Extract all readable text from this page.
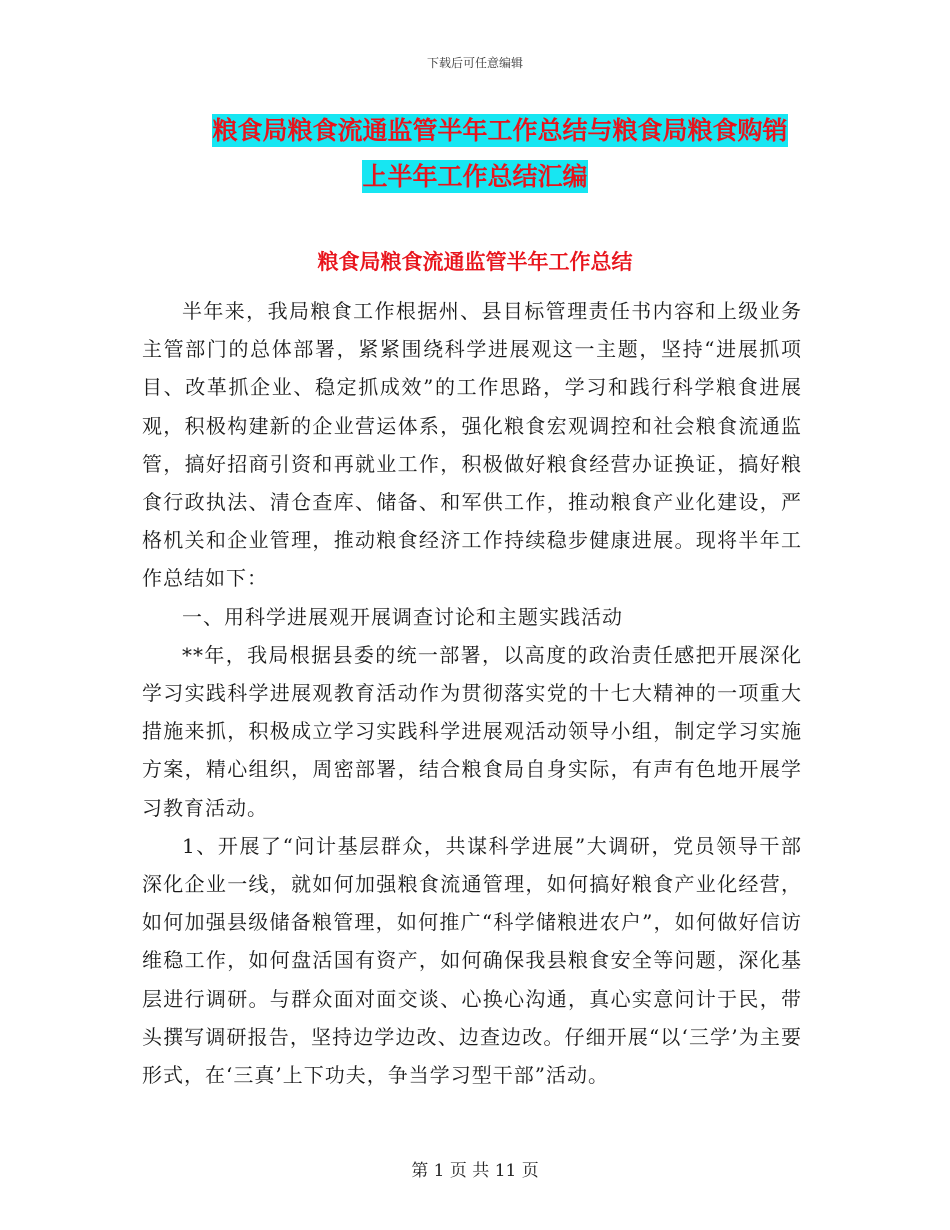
下载后可任意编辑
粮食局粮食流通监管半年工作总结与粮食局粮食购销
上半年工作总结汇编
粮食局粮食流通监管半年工作总结

半年来，我局粮食工作根据州、县目标管理责任书内容和上级业务主管部门的总体部署，紧紧围绕科学进展观这一主题，坚持“进展抓项目、改革抓企业、稳定抓成效”的工作思路，学习和践行科学粮食进展观，积极构建新的企业营运体系，强化粮食宏观调控和社会粮食流通监管，搞好招商引资和再就业工作，积极做好粮食经营办证换证，搞好粮食行政执法、清仓查库、储备、和军供工作，推动粮食产业化建设，严格机关和企业管理，推动粮食经济工作持续稳步健康进展。现将半年工作总结如下：

一、用科学进展观开展调查讨论和主题实践活动

**年，我局根据县委的统一部署，以高度的政治责任感把开展深化学习实践科学进展观教育活动作为贯彻落实党的十七大精神的一项重大措施来抓，积极成立学习实践科学进展观活动领导小组，制定学习实施方案，精心组织，周密部署，结合粮食局自身实际，有声有色地开展学习教育活动。

1、开展了“问计基层群众，共谋科学进展”大调研，党员领导干部深化企业一线，就如何加强粮食流通管理，如何搞好粮食产业化经营，如何加强县级储备粮管理，如何推广“科学储粮进农户”，如何做好信访维稳工作，如何盘活国有资产，如何确保我县粮食安全等问题，深化基层进行调研。与群众面对面交谈、心换心沟通，真心实意问计于民，带头撰写调研报告，坚持边学边改、边查边改。仔细开展“以‘三学’为主要形式，在‘三真’上下功夫，争当学习型干部”活动。

第 1 页 共 11 页
